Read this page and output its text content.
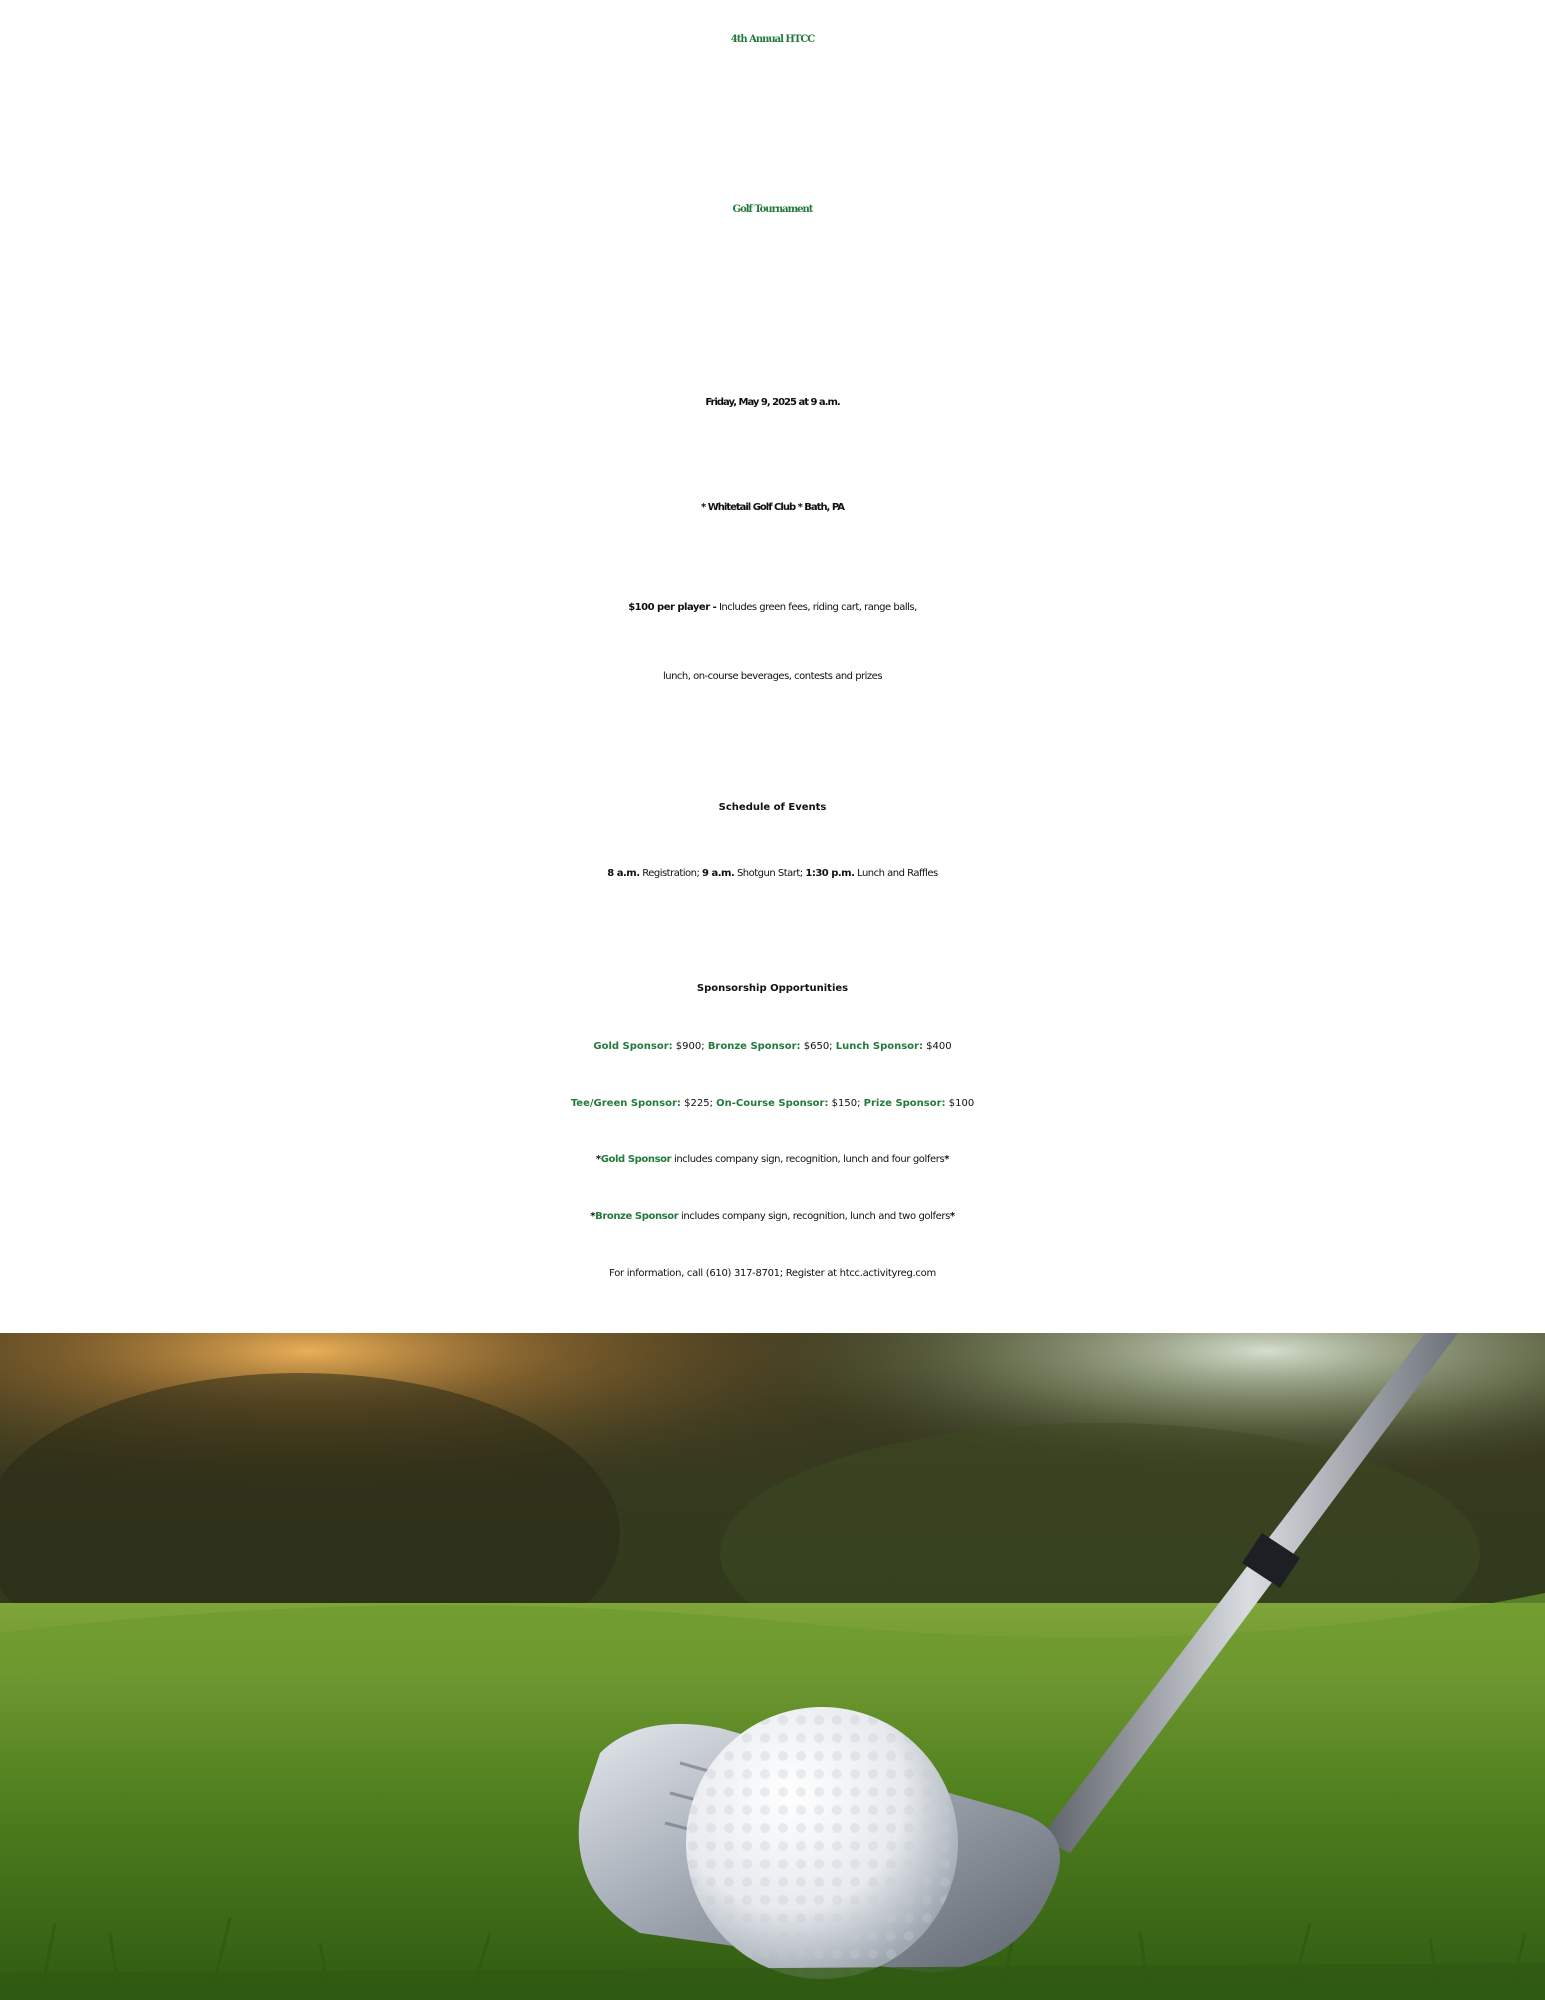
4th Annual HTCC
Golf Tournament
Friday, May 9, 2025 at 9 a.m.
* Whitetail Golf Club * Bath, PA
$100 per player - Includes green fees, riding cart, range balls,
lunch, on-course beverages, contests and prizes
Schedule of Events
8 a.m. Registration; 9 a.m. Shotgun Start; 1:30 p.m. Lunch and Raffles
Sponsorship Opportunities
Gold Sponsor: $900; Bronze Sponsor: $650; Lunch Sponsor: $400
Tee/Green Sponsor: $225; On-Course Sponsor: $150; Prize Sponsor: $100
*Gold Sponsor includes company sign, recognition, lunch and four golfers*
*Bronze Sponsor includes company sign, recognition, lunch and two golfers*
For information, call (610) 317-8701; Register at htcc.activityreg.com
